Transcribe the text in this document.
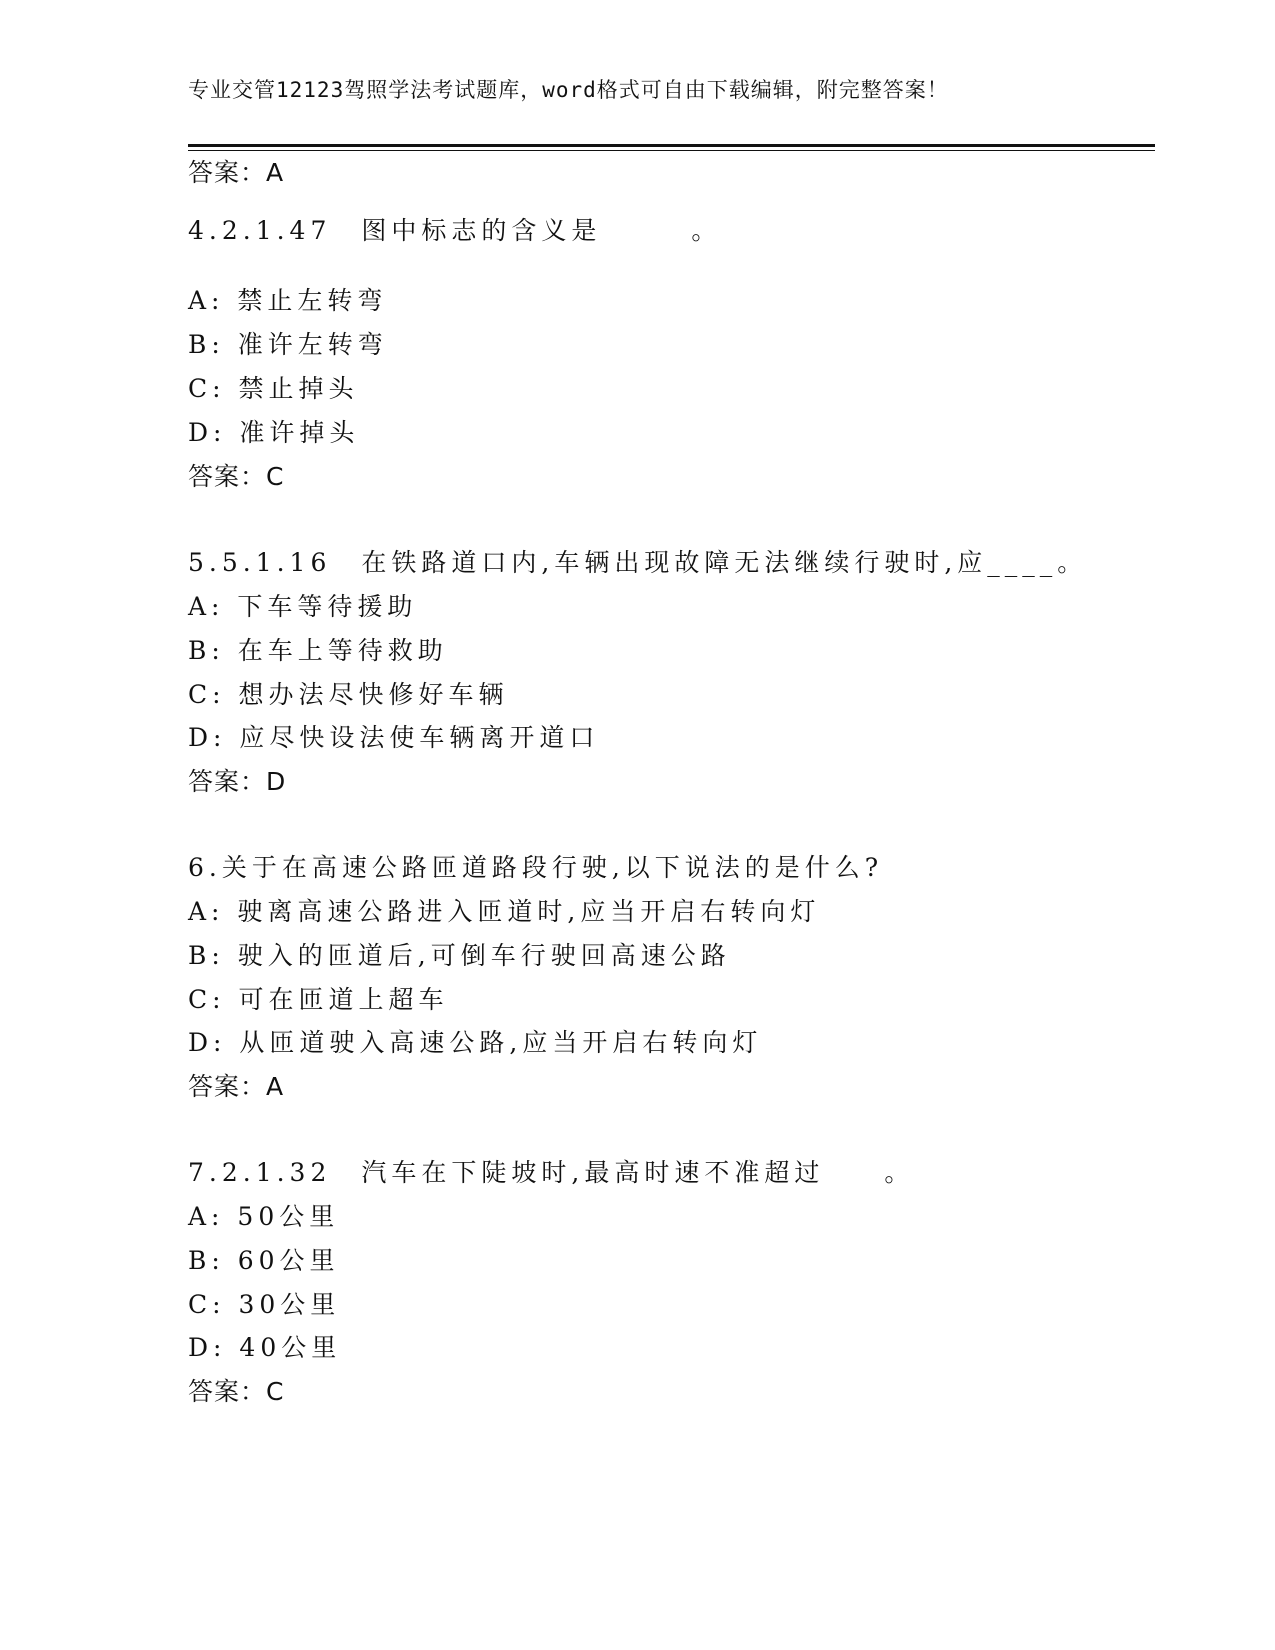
专业交管12123驾照学法考试题库，word格式可自由下载编辑，附完整答案！
答案：A
4.2.1.47　图中标志的含义是　　　。
A: 禁止左转弯
B: 准许左转弯
C: 禁止掉头
D: 准许掉头
答案：C
5.5.1.16　在铁路道口内,车辆出现故障无法继续行驶时,应____。
A: 下车等待援助
B: 在车上等待救助
C: 想办法尽快修好车辆
D: 应尽快设法使车辆离开道口
答案：D
6.关于在高速公路匝道路段行驶,以下说法的是什么?
A: 驶离高速公路进入匝道时,应当开启右转向灯
B: 驶入的匝道后,可倒车行驶回高速公路
C: 可在匝道上超车
D: 从匝道驶入高速公路,应当开启右转向灯
答案：A
7.2.1.32　汽车在下陡坡时,最高时速不准超过　　。
A: 50公里
B: 60公里
C: 30公里
D: 40公里
答案：C
